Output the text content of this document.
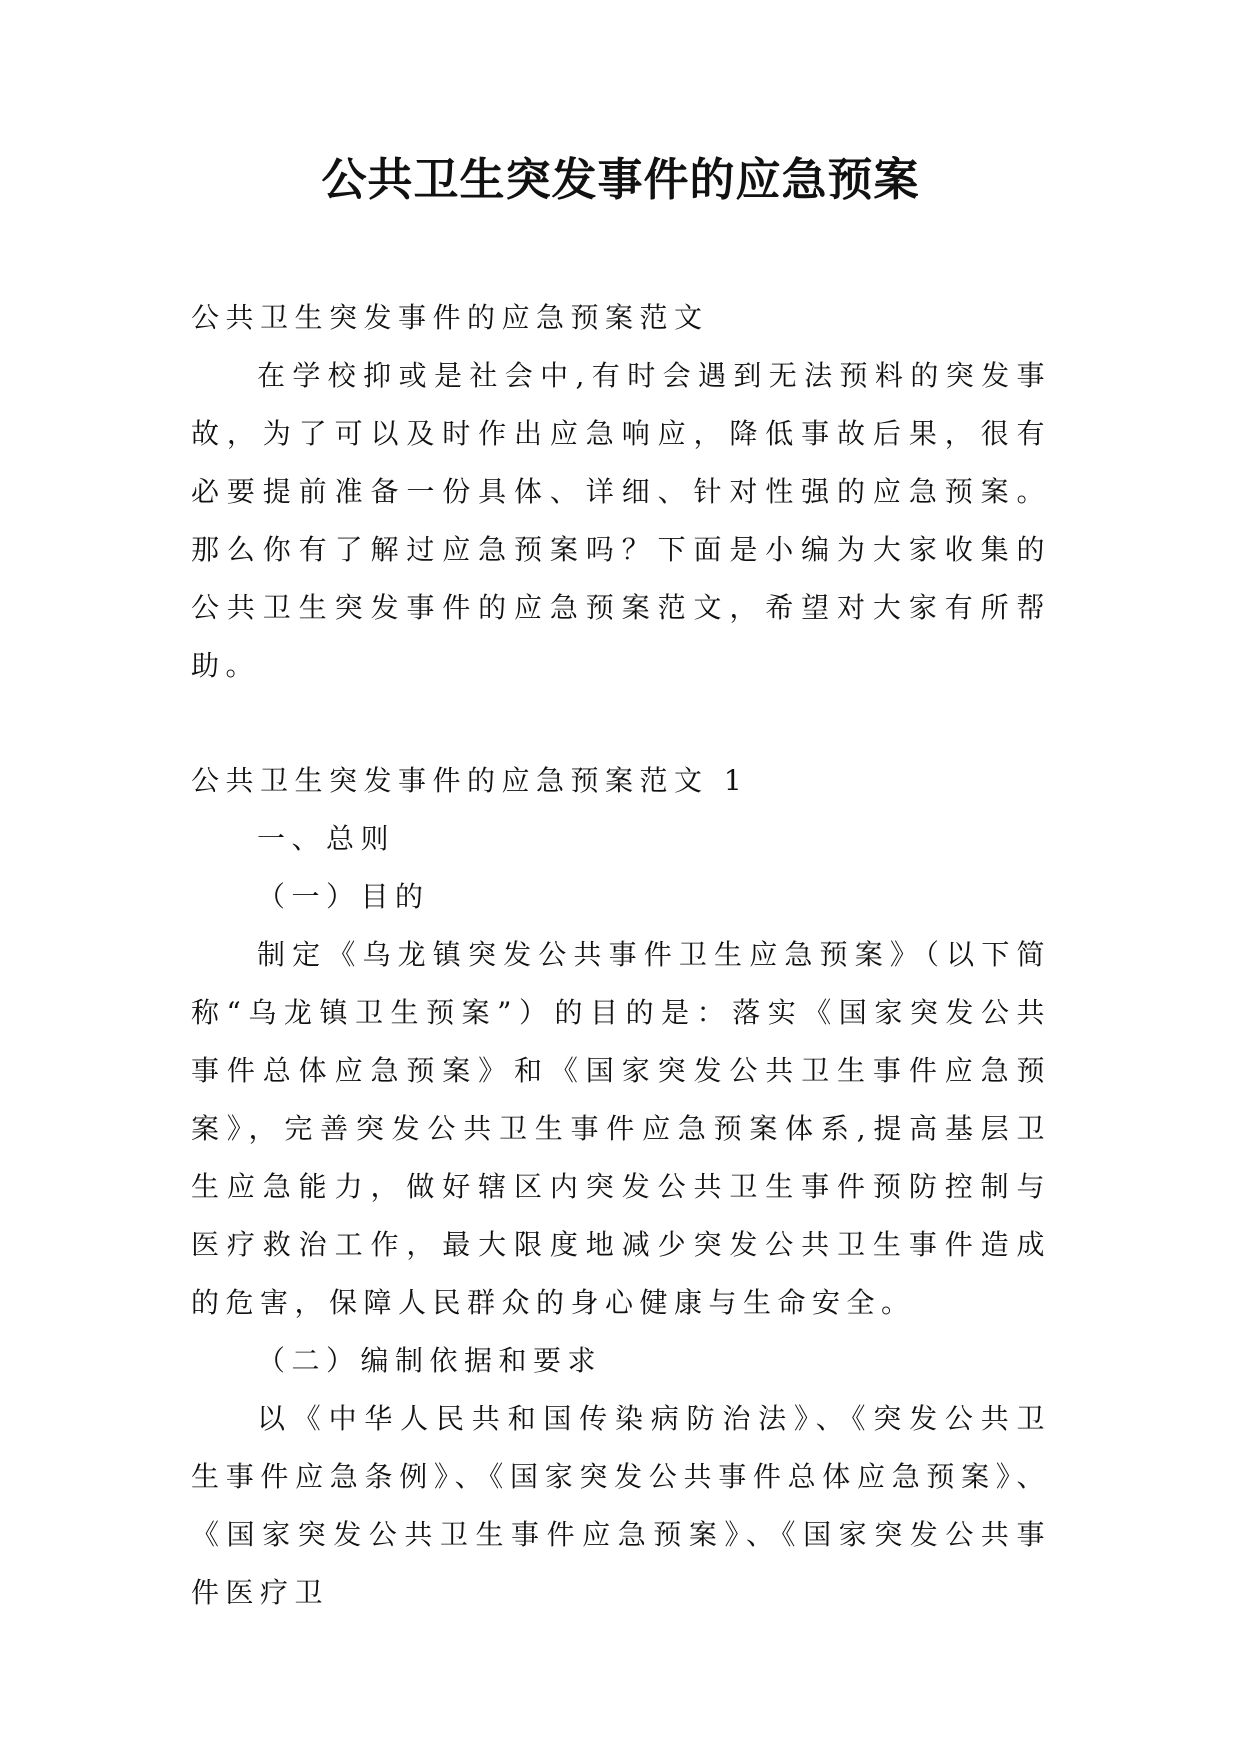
公共卫生突发事件的应急预案

公共卫生突发事件的应急预案范文

在学校抑或是社会中,有时会遇到无法预料的突发事故，为了可以及时作出应急响应，降低事故后果，很有必要提前准备一份具体、详细、针对性强的应急预案。那么你有了解过应急预案吗？下面是小编为大家收集的公共卫生突发事件的应急预案范文，希望对大家有所帮助。

公共卫生突发事件的应急预案范文 1

一、总则

（一）目的

制定《乌龙镇突发公共事件卫生应急预案》（以下简称“乌龙镇卫生预案”）的目的是：落实《国家突发公共事件总体应急预案》和《国家突发公共卫生事件应急预案》，完善突发公共卫生事件应急预案体系,提高基层卫生应急能力，做好辖区内突发公共卫生事件预防控制与医疗救治工作，最大限度地减少突发公共卫生事件造成的危害，保障人民群众的身心健康与生命安全。

（二）编制依据和要求

以《中华人民共和国传染病防治法》、《突发公共卫生事件应急条例》、《国家突发公共事件总体应急预案》、《国家突发公共卫生事件应急预案》、《国家突发公共事件医疗卫
